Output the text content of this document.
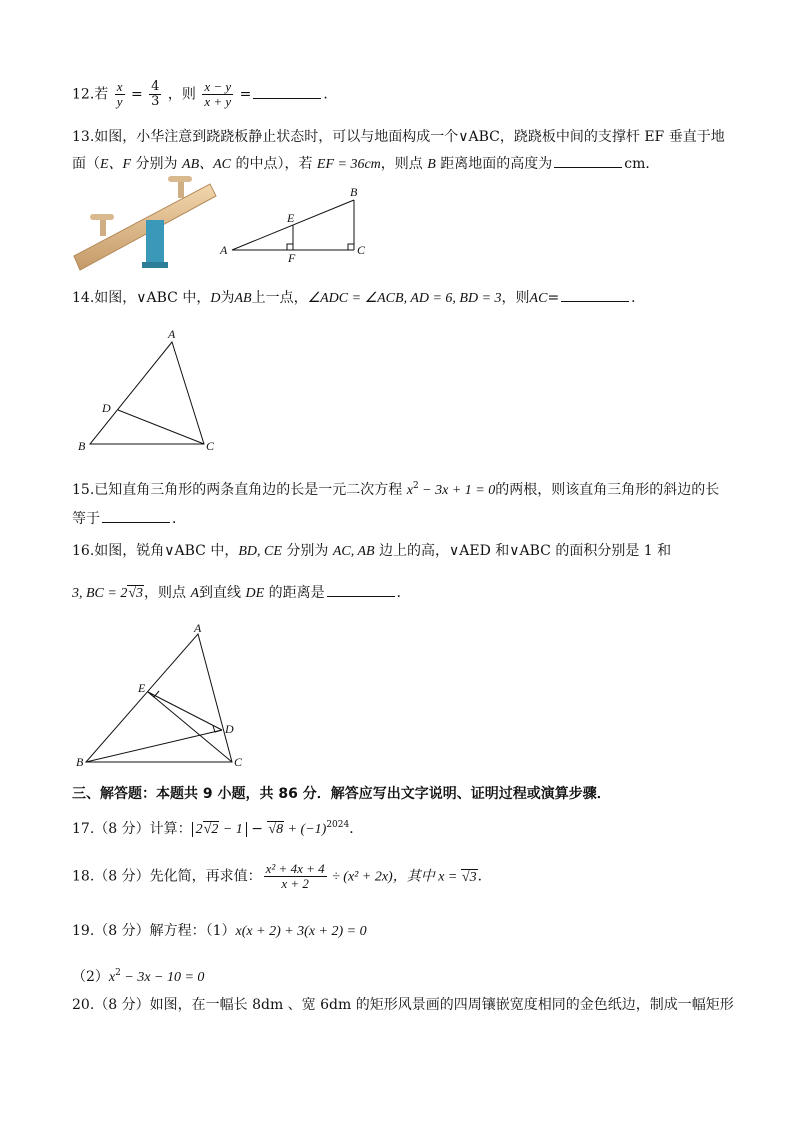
12.若 $\frac{x}{y} = \frac{4}{3}$ ，则 $\frac{x - y}{x + y}$ =	．
13.如图，小华注意到跷跷板静止状态时，可以与地面构成一个∨ABC，跷跷板中间的支撑杆 EF 垂直于地
面（E、F 分别为 AB、AC 的中点），若 EF = 36cm，则点 B 距离地面的高度为	cm．
A
B
C
E
F
14.如图，∨ABC 中，D为AB上一点，∠ADC = ∠ACB, AD = 6, BD = 3，则AC=	．
A
B	C
D
15.已知直角三角形的两条直角边的长是一元二次方程 $x^2 - 3x + 1 = 0$的两根，则该直角三角形的斜边的长
等于	．
16.如图，锐角∨ABC 中，BD, CE 分别为 AC, AB 边上的高，∨AED 和∨ABC 的面积分别是 1 和
3, BC = 2√3，则点 A到直线 DE 的距离是	．
A
B	C
D
E
三、解答题：本题共 9 小题，共 86 分．解答应写出文字说明、证明过程或演算步骤．
17.（8 分）计算： $2√2 - 1 - √8 + (-1)^{2024}$．
18.（8 分）先化简，再求值： $\frac{\text{x² + 4x + 4}}{x + 2} \div (x^2 + 2x)$，其中 x = √3．
19.（8 分）解方程：（1）x(x + 2) + 3(x + 2) = 0
$(2)x^2 - 3x - 10 = 0$
20.（8 分）如图，在一幅长 8dm 、宽 6dm 的矩形风景画的四周镶嵌宽度相同的金色纸边，制成一幅矩形
